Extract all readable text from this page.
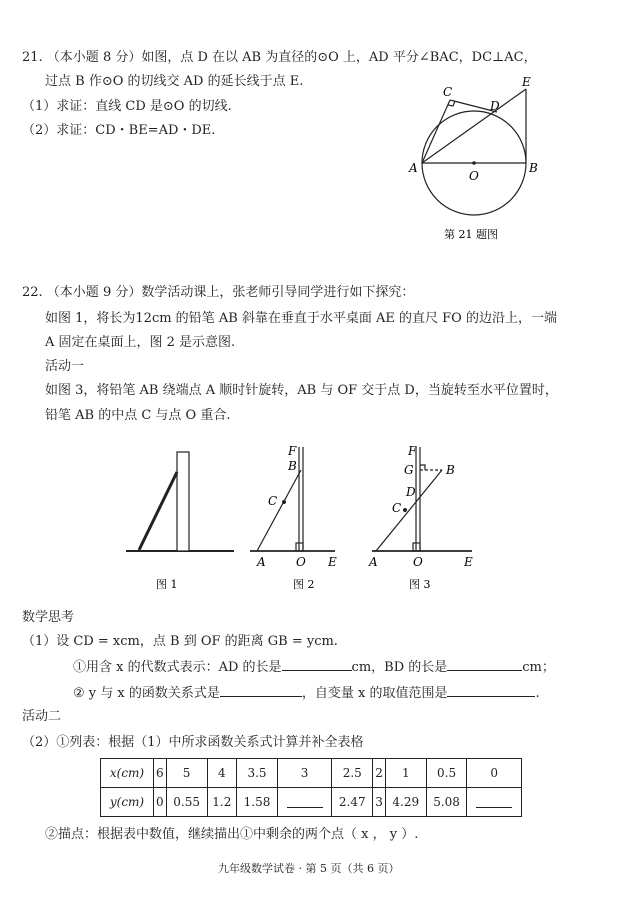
21. （本小题 8 分）如图，点 D 在以 AB 为直径的⊙O 上，AD 平分∠BAC，DC⊥AC，
过点 B 作⊙O 的切线交 AD 的延长线于点 E.
（1）求证：直线 CD 是⊙O 的切线.
（2）求证：CD・BE=AD・DE.
C
D
E
A
O
B
第 21 题图
22. （本小题 9 分）数学活动课上，张老师引导同学进行如下探究：
如图 1，将长为12cm 的铅笔 AB 斜靠在垂直于水平桌面 AE 的直尺 FO 的边沿上，一端
A 固定在桌面上，图 2 是示意图.
活动一
如图 3，将铅笔 AB 绕端点 A 顺时针旋转，AB 与 OF 交于点 D，当旋转至水平位置时，
铅笔 AB 的中点 C 与点 O 重合.
图 1
F
B
C
A	O E
图 2
F
G	B
D
C
A	O	E
图 3
数学思考
（1）设 CD = xcm，点 B 到 OF 的距离 GB = ycm.
①用含 x 的代数式表示：AD 的长是	cm，BD 的长是	cm；
② y 与 x 的函数关系式是	，自变量 x 的取值范围是	.
活动二
（2）①列表：根据（1）中所求函数关系式计算并补全表格
x(cm)	6	5	4	3.5	3	2.5	2	1	0.5	0
y(cm)	0	0.55	1.2	1.58		2.47	3	4.29	5.08	
②描点：根据表中数值，继续描出①中剩余的两个点（ x ， y ）.
九年级数学试卷 · 第 5 页（共 6 页）
